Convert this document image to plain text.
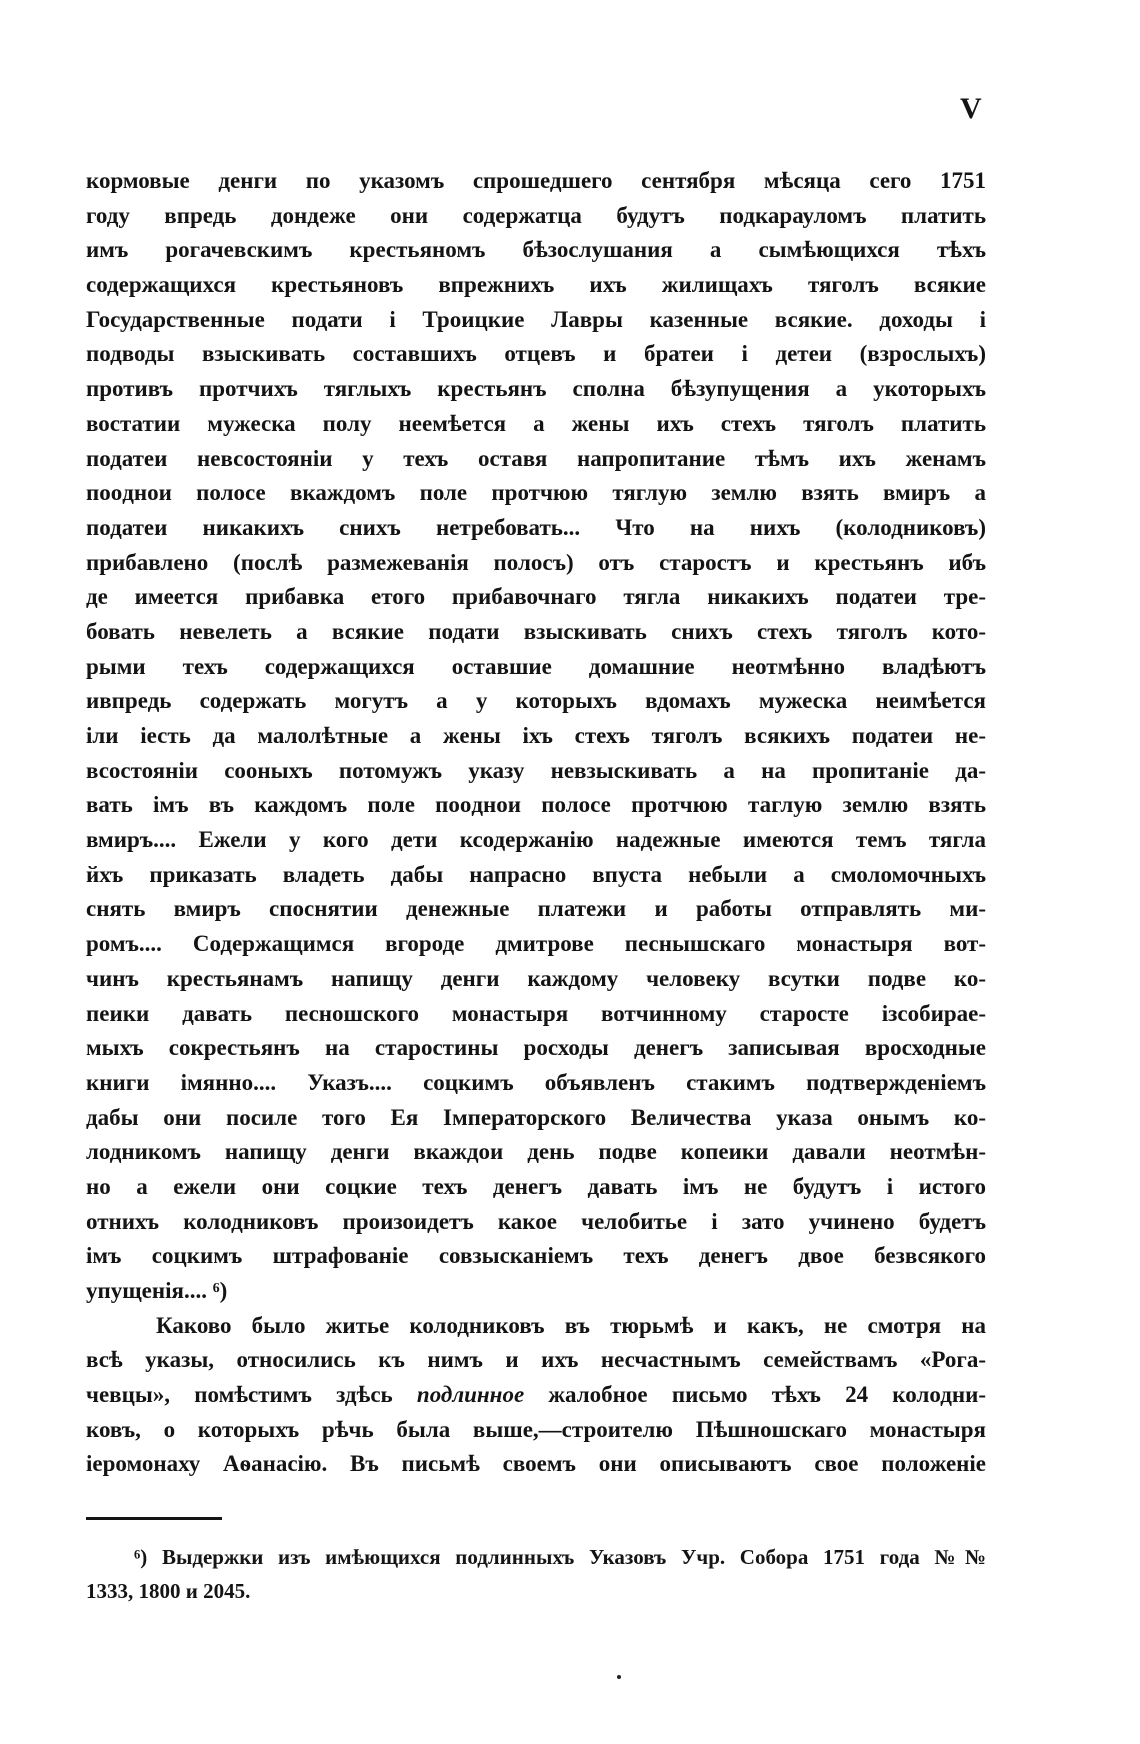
V
кормовые денги по указомъ спрошедшего сентября мѣсяца сего 1751
году впредь дондеже они содержатца будутъ подкарауломъ платить
имъ рогачевскимъ крестьяномъ бѣзослушания а сымѣющихся тѣхъ
содержащихся крестьяновъ впрежнихъ ихъ жилищахъ тяголъ всякие
Государственные подати і Троицкие Лавры казенные всякие. доходы і
подводы взыскивать составшихъ отцевъ и братеи і детеи (взрослыхъ)
противъ протчихъ тяглыхъ крестьянъ сполна бѣзупущения а укоторыхъ
востатии мужеска полу неемѣется а жены ихъ стехъ тяголъ платить
податеи невсостояніи у техъ оставя напропитание тѣмъ ихъ женамъ
поoднои полосе вкаждомъ поле протчюю тяглую землю взять вмиръ а
податеи никакихъ сниxъ нетребовать... Что на нихъ (колодниковъ)
прибавлено (послѣ размежеванія полосъ) отъ старостъ и крестьянъ ибъ
де имеется прибавка етого прибавочнаго тягла никакихъ податеи тре-
бовать невелеть а всякие подати взыскивать сниxъ стехъ тяголъ кото-
рыми техъ содержащихся оставшие домашние неотмѣнно владѣютъ
ивпредь содержать могутъ а у которыхъ вдомахъ мужеска неимѣется
іли іесть да малолѣтные а жены іхъ стехъ тяголъ всякихъ податеи не-
всостояніи сооныхъ потомужъ указу невзыскивать а на пропитаніе да-
вать імъ въ каждомъ поле поoднои полосе протчюю таглую землю взять
вмиръ.... Ежели у кого дети ксодержанію надежные имеются темъ тягла
йхъ приказать владеть дабы напрасно впуста небыли а смоломочныхъ
снять вмиръ споснятии денежные платежи и работы отправлять ми-
ромъ.... Содержащимся вгороде дмитрове песнышскаго монастыря вот-
чинъ крестьянамъ напищу денги каждому человеку всутки подве ко-
пеики давать песношского монастыря вотчинному старосте ізсобирае-
мыхъ сокрестьянъ на старостины росходы денегъ записывая вросходные
книги імянно.... Указъ.... соцкимъ объявленъ стакимъ подтвержденіемъ
дабы они посиле того Ея Імператорского Величества указа онымъ ко-
лодникомъ напищу денги вкаждои день подве копеики давали неотмѣн-
но а ежели они соцкие техъ денегъ давать імъ не будутъ і истого
отнихъ колодниковъ произоидетъ какое челобитье і зато учинено будетъ
імъ соцкимъ штрафованіе совзысканіемъ техъ денегъ двое безвсякого
упущенія.... ⁶)
Каково было житье колодниковъ въ тюрьмѣ и какъ, не смотря на
всѣ указы, относились къ нимъ и ихъ несчастнымъ семействамъ «Рога-
чевцы», помѣстимъ здѣсь подлинное жалобное письмо тѣхъ 24 колодни-
ковъ, о которыхъ рѣчь была выше,—строителю Пѣшношскаго монастыря
іеромонаху Аѳанасію. Въ письмѣ своемъ они описываютъ свое положеніе
⁶) Выдержки изъ имѣющихся подлинныхъ Указовъ Учр. Собора 1751 года №№
1333, 1800 и 2045.
